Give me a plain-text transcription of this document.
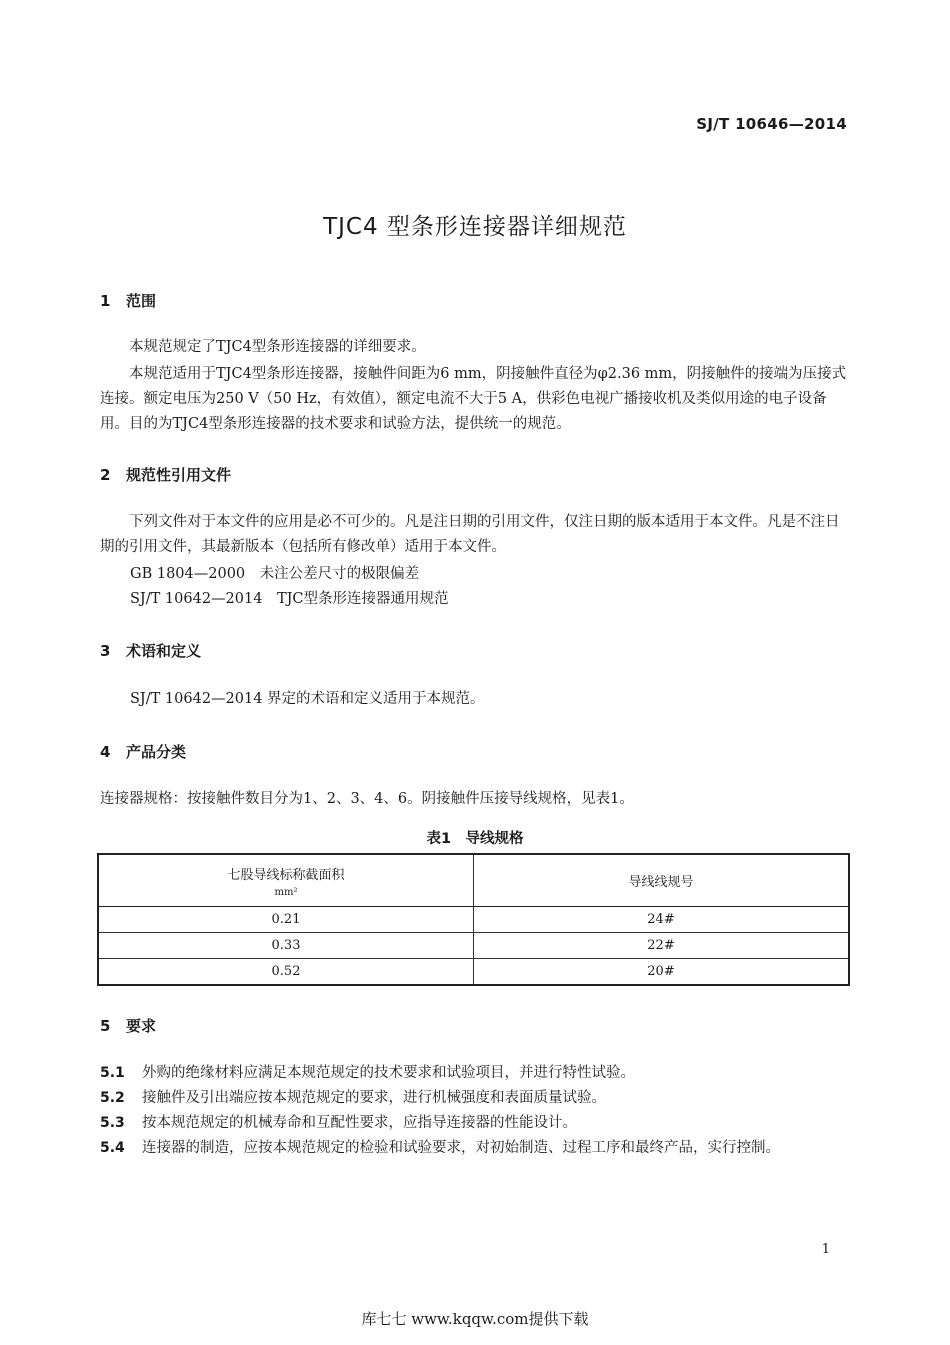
SJ/T 10646—2014
TJC4 型条形连接器详细规范
1 范围
本规范规定了TJC4型条形连接器的详细要求。
本规范适用于TJC4型条形连接器，接触件间距为6 mm，阴接触件直径为φ2.36 mm，阴接触件的接端为压接式连接。额定电压为250 V（50 Hz，有效值），额定电流不大于5 A，供彩色电视广播接收机及类似用途的电子设备用。目的为TJC4型条形连接器的技术要求和试验方法，提供统一的规范。
2 规范性引用文件
下列文件对于本文件的应用是必不可少的。凡是注日期的引用文件，仅注日期的版本适用于本文件。凡是不注日期的引用文件，其最新版本（包括所有修改单）适用于本文件。
GB 1804—2000　未注公差尺寸的极限偏差
SJ/T 10642—2014　TJC型条形连接器通用规范
3 术语和定义
SJ/T 10642—2014 界定的术语和定义适用于本规范。
4 产品分类
连接器规格：按接触件数目分为1、2、3、4、6。阴接触件压接导线规格，见表1。
表1　导线规格
七股导线标称截面积
mm²	导线线规号
0.21	24#
0.33	22#
0.52	20#
5 要求
5.1 外购的绝缘材料应满足本规范规定的技术要求和试验项目，并进行特性试验。
5.2 接触件及引出端应按本规范规定的要求，进行机械强度和表面质量试验。
5.3 按本规范规定的机械寿命和互配性要求，应指导连接器的性能设计。
5.4 连接器的制造，应按本规范规定的检验和试验要求，对初始制造、过程工序和最终产品，实行控制。
1
库七七 www.kqqw.com提供下载
